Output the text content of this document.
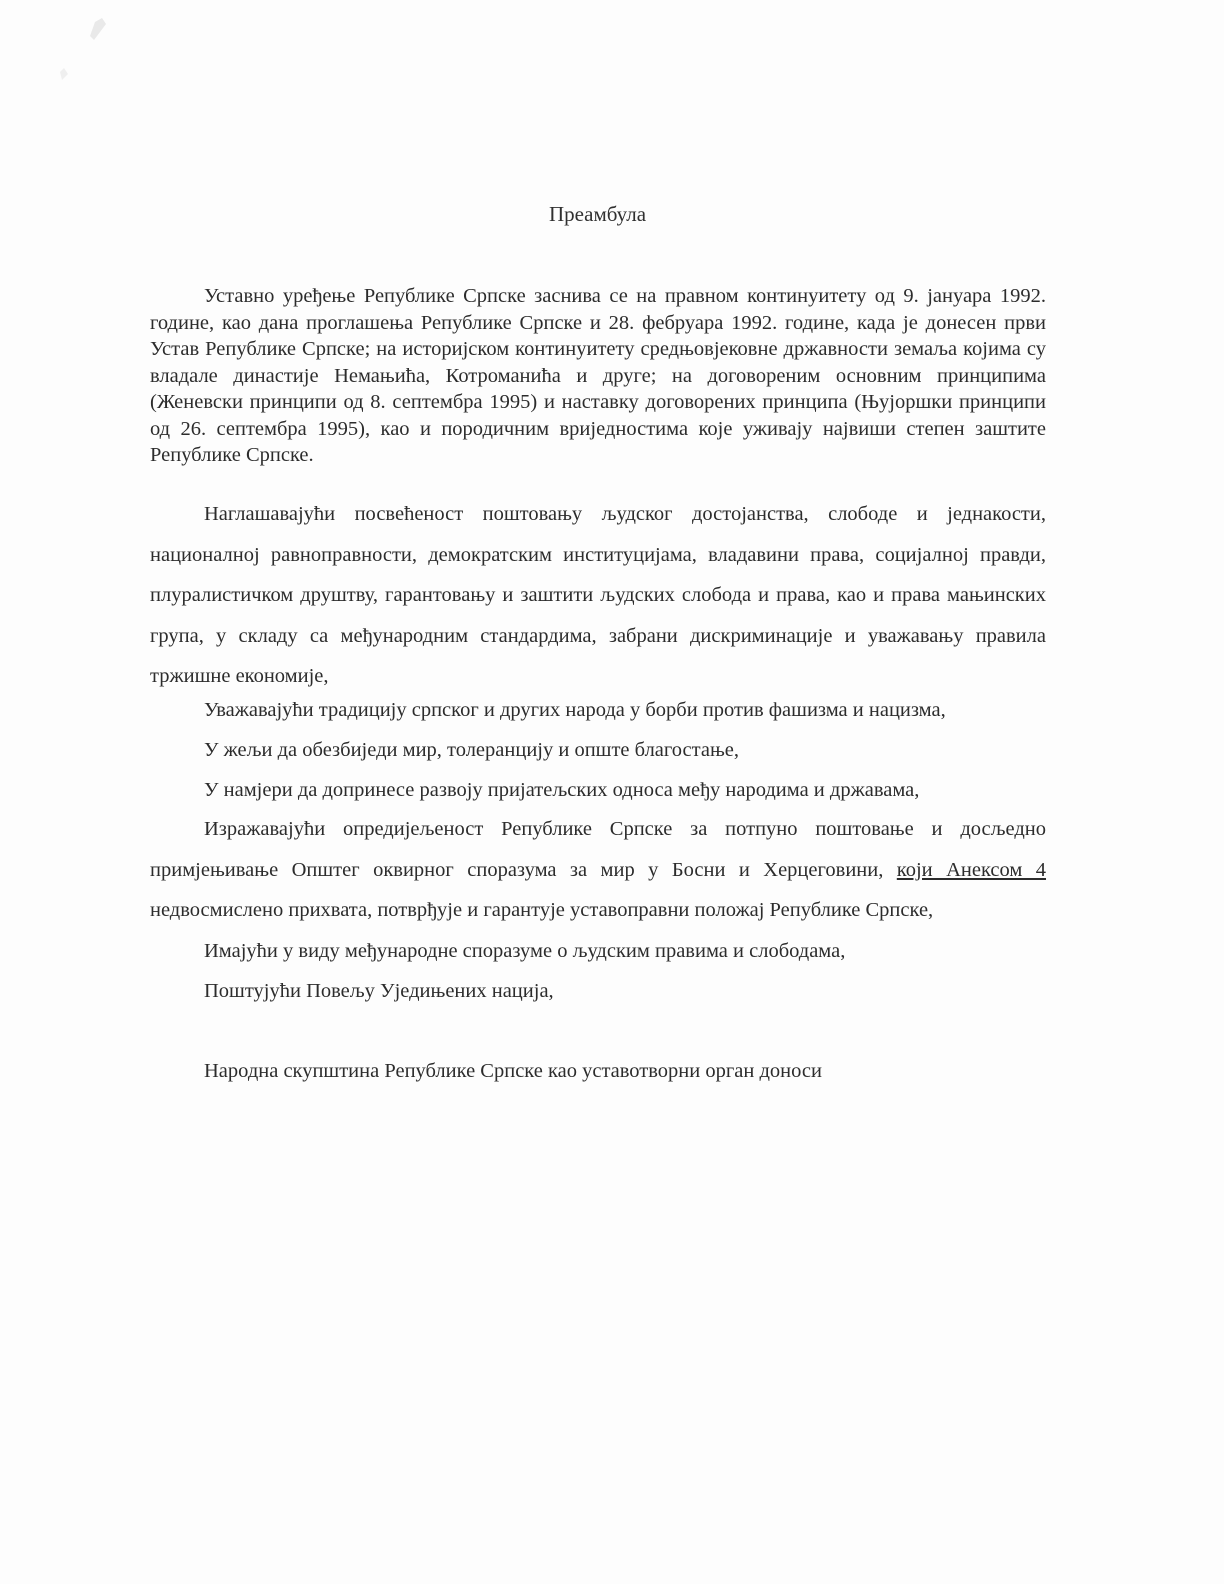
Преамбула
Уставно уређење Републике Српске заснива се на правном континуитету од 9. јануара 1992. године, као дана проглашења Републике Српске и 28. фебруара 1992. године, када је донесен први Устав Републике Српске; на историјском континуитету средњовјековне државности земаља којима су владале династије Немањића, Котроманића и друге; на договореним основним принципима (Женевски принципи од 8. септембра 1995) и наставку договорених принципа (Њујоршки принципи од 26. септембра 1995), као и породичним вриједностима које уживају највиши степен заштите Републике Српске.
Наглашавајући посвећеност поштовању људског достојанства, слободе и једнакости, националној равноправности, демократским институцијама, владавини права, социјалној правди, плуралистичком друштву, гарантовању и заштити људских слобода и права, као и права мањинских група, у складу са међународним стандардима, забрани дискриминације и уважавању правила тржишне економије,
Уважавајући традицију српског и других народа у борби против фашизма и нацизма,
У жељи да обезбиједи мир, толеранцију и опште благостање,
У намјери да допринесе развоју пријатељских односа међу народима и државама,
Изражавајући опредијељеност Републике Српске за потпуно поштовање и досљедно примјењивање Општег оквирног споразума за мир у Босни и Херцеговини, који Анексом 4 недвосмислено прихвата, потврђује и гарантује уставоправни положај Републике Српске,
Имајући у виду међународне споразуме о људским правима и слободама,
Поштујући Повељу Уједињених нација,
Народна скупштина Републике Српске као уставотворни орган доноси
